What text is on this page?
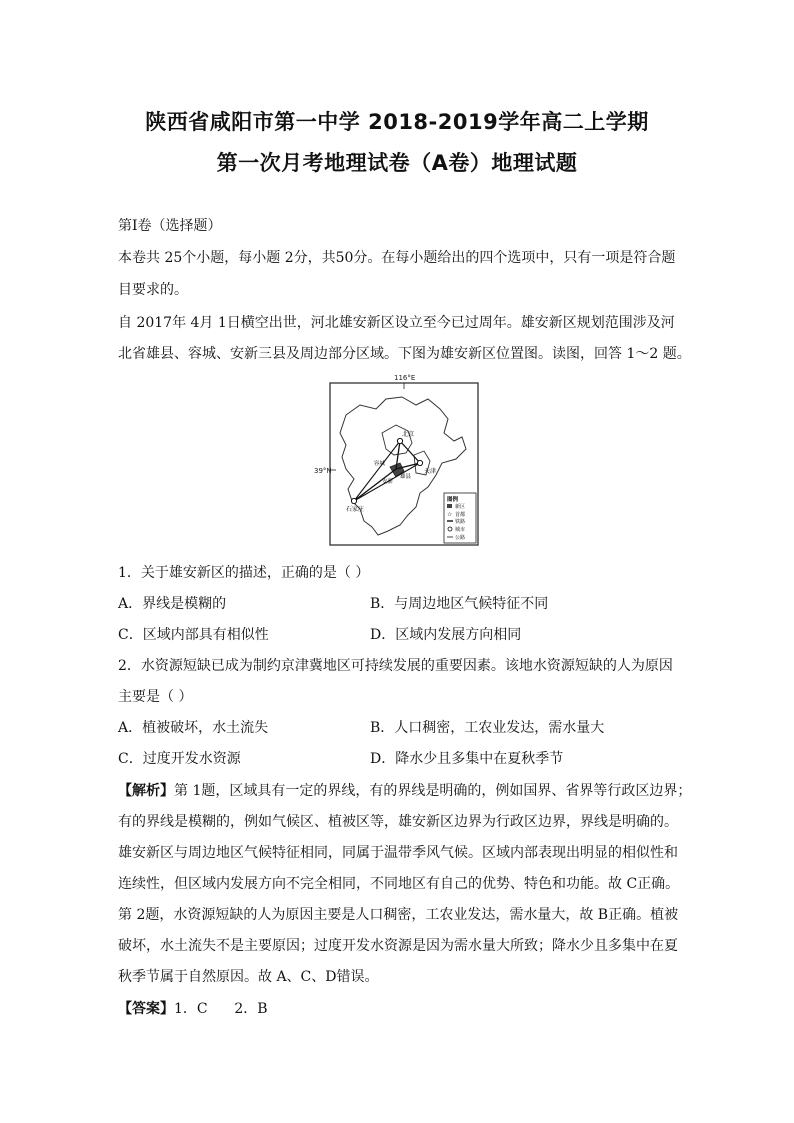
陕西省咸阳市第一中学 2018-2019学年高二上学期
第一次月考地理试卷（A卷）地理试题
第Ⅰ卷（选择题）
本卷共 25个小题，每小题 2分，共50分。在每小题给出的四个选项中，只有一项是符合题
目要求的。
自 2017年 4月 1日横空出世，河北雄安新区设立至今已过周年。雄安新区规划范围涉及河
北省雄县、容城、安新三县及周边部分区域。下图为雄安新区位置图。读图，回答 1～2 题。
116°E
39°N
北京
天津
石家庄
雄县
容城
安新
图例
新区
☆ 首都
铁路
城市
公路
1．关于雄安新区的描述，正确的是（ ）
A．界线是模糊的	B．与周边地区气候特征不同
C．区域内部具有相似性	D．区域内发展方向相同
2．水资源短缺已成为制约京津冀地区可持续发展的重要因素。该地水资源短缺的人为原因
主要是（ ）
A．植被破坏，水土流失	B．人口稠密，工农业发达，需水量大
C．过度开发水资源	D．降水少且多集中在夏秋季节
【解析】第 1题，区域具有一定的界线，有的界线是明确的，例如国界、省界等行政区边界；
有的界线是模糊的，例如气候区、植被区等，雄安新区边界为行政区边界，界线是明确的。
雄安新区与周边地区气候特征相同，同属于温带季风气候。区域内部表现出明显的相似性和
连续性，但区域内发展方向不完全相同，不同地区有自己的优势、特色和功能。故 C正确。
第 2题，水资源短缺的人为原因主要是人口稠密，工农业发达，需水量大，故 B正确。植被
破坏，水土流失不是主要原因；过度开发水资源是因为需水量大所致；降水少且多集中在夏
秋季节属于自然原因。故 A、C、D错误。
【答案】1．C      2．B
